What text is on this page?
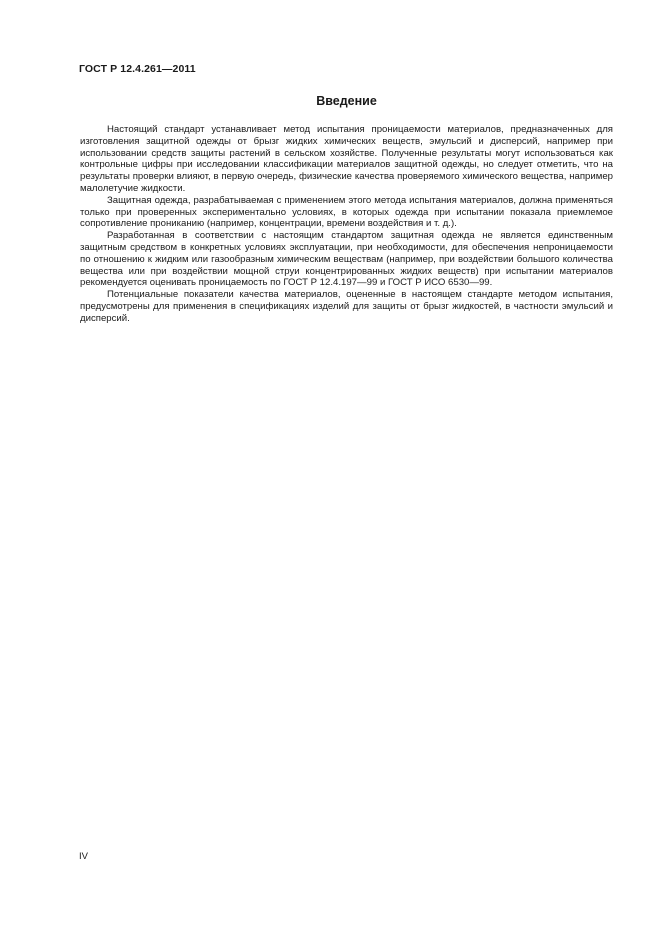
ГОСТ Р 12.4.261—2011
Введение

Настоящий стандарт устанавливает метод испытания проницаемости материалов, предназначенных для изготовления защитной одежды от брызг жидких химических веществ, эмульсий и дисперсий, например при использовании средств защиты растений в сельском хозяйстве. Полученные результаты могут использоваться как контрольные цифры при исследовании классификации материалов защитной одежды, но следует отметить, что на результаты проверки влияют, в первую очередь, физические качества проверяемого химического вещества, например малолетучие жидкости.

Защитная одежда, разрабатываемая с применением этого метода испытания материалов, должна применяться только при проверенных экспериментально условиях, в которых одежда при испытании показала приемлемое сопротивление прониканию (например, концентрации, времени воздействия и т. д.).

Разработанная в соответствии с настоящим стандартом защитная одежда не является единственным защитным средством в конкретных условиях эксплуатации, при необходимости, для обеспечения непроницаемости по отношению к жидким или газообразным химическим веществам (например, при воздействии большого количества вещества или при воздействии мощной струи концентрированных жидких веществ) при испытании материалов рекомендуется оценивать проницаемость по ГОСТ Р 12.4.197—99 и ГОСТ Р ИСО 6530—99.

Потенциальные показатели качества материалов, оцененные в настоящем стандарте методом испытания, предусмотрены для применения в спецификациях изделий для защиты от брызг жидкостей, в частности эмульсий и дисперсий.

IV
